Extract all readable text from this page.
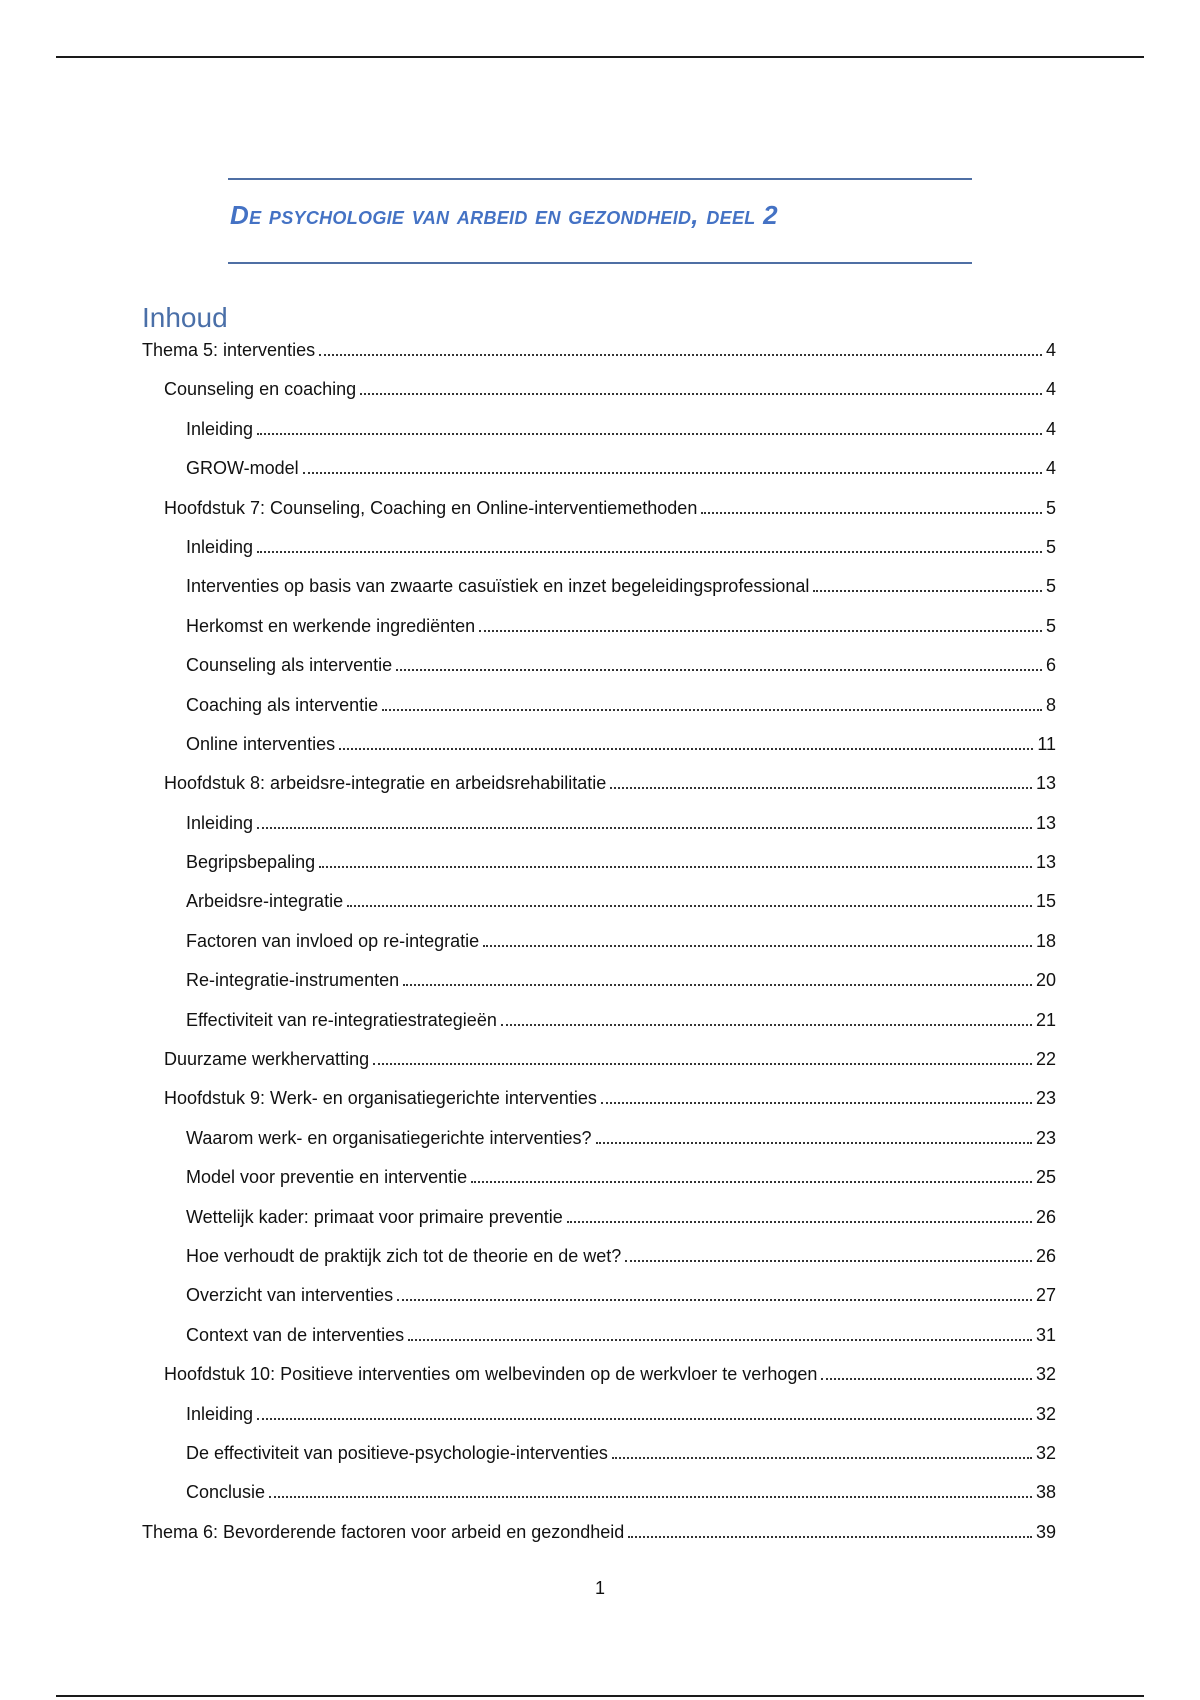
De psychologie van arbeid en gezondheid, deel 2
Inhoud
Thema 5: interventies	4
Counseling en coaching	4
Inleiding	4
GROW-model	4
Hoofdstuk 7: Counseling, Coaching en Online-interventiemethoden	5
Inleiding	5
Interventies op basis van zwaarte casuïstiek en inzet begeleidingsprofessional	5
Herkomst en werkende ingrediënten	5
Counseling als interventie	6
Coaching als interventie	8
Online interventies	11
Hoofdstuk 8: arbeidsre-integratie en arbeidsrehabilitatie	13
Inleiding	13
Begripsbepaling	13
Arbeidsre-integratie	15
Factoren van invloed op re-integratie	18
Re-integratie-instrumenten	20
Effectiviteit van re-integratiestrategieën	21
Duurzame werkhervatting	22
Hoofdstuk 9: Werk- en organisatiegerichte interventies	23
Waarom werk- en organisatiegerichte interventies?	23
Model voor preventie en interventie	25
Wettelijk kader: primaat voor primaire preventie	26
Hoe verhoudt de praktijk zich tot de theorie en de wet?	26
Overzicht van interventies	27
Context van de interventies	31
Hoofdstuk 10: Positieve interventies om welbevinden op de werkvloer te verhogen	32
Inleiding	32
De effectiviteit van positieve-psychologie-interventies	32
Conclusie	38
Thema 6: Bevorderende factoren voor arbeid en gezondheid	39

1
